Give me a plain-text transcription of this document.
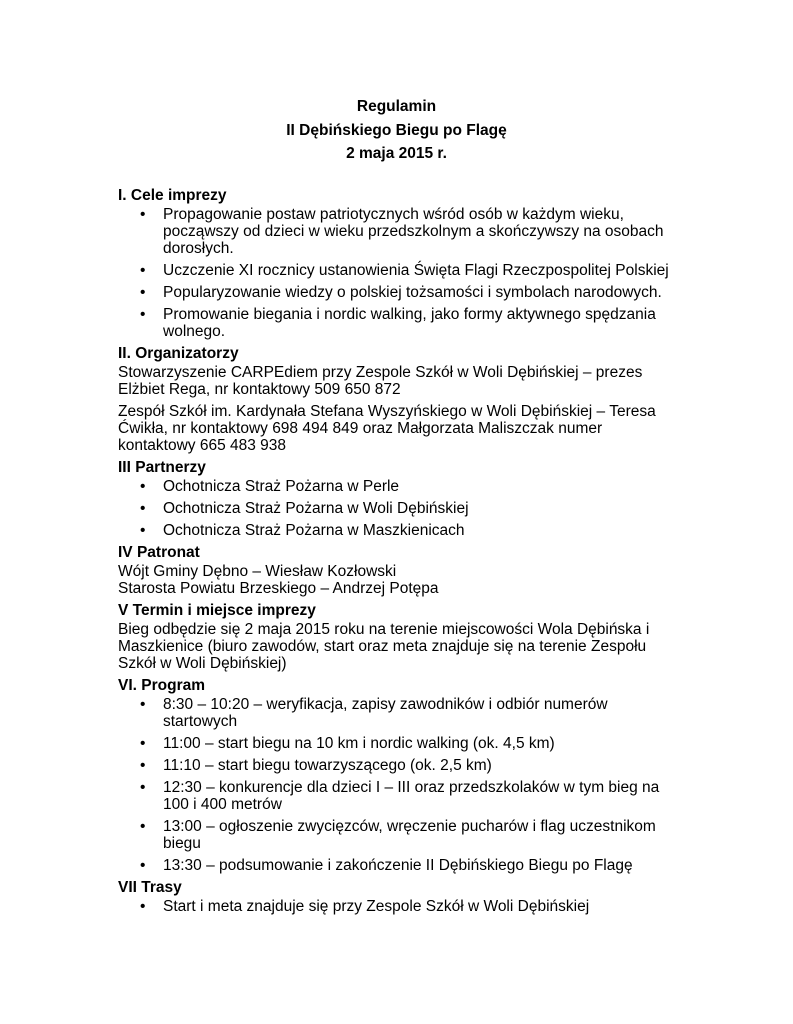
Regulamin
II Dębińskiego Biegu po Flagę
2 maja 2015 r.
I. Cele imprezy
• Propagowanie postaw patriotycznych wśród osób w każdym wieku, począwszy od dzieci w wieku przedszkolnym a skończywszy na osobach dorosłych.
• Uczczenie XI rocznicy ustanowienia Święta Flagi Rzeczpospolitej Polskiej
• Popularyzowanie wiedzy o polskiej tożsamości i symbolach narodowych.
• Promowanie biegania i nordic walking, jako formy aktywnego spędzania wolnego.
II. Organizatorzy

Stowarzyszenie CARPEdiem przy Zespole Szkół w Woli Dębińskiej – prezes Elżbiet Rega, nr kontaktowy 509 650 872

Zespół Szkół im. Kardynała Stefana Wyszyńskiego w Woli Dębińskiej – Teresa Ćwikła, nr kontaktowy 698 494 849 oraz Małgorzata Maliszczak numer kontaktowy 665 483 938

III Partnerzy
• Ochotnicza Straż Pożarna w Perle
• Ochotnicza Straż Pożarna w Woli Dębińskiej
• Ochotnicza Straż Pożarna w Maszkienicach
IV Patronat

Wójt Gminy Dębno – Wiesław Kozłowski
Starosta Powiatu Brzeskiego – Andrzej Potępa

V Termin i miejsce imprezy

Bieg odbędzie się 2 maja 2015 roku na terenie miejscowości Wola Dębińska i Maszkienice (biuro zawodów, start oraz meta znajduje się na terenie Zespołu Szkół w Woli Dębińskiej)

VI. Program
• 8:30 – 10:20 – weryfikacja, zapisy zawodników i odbiór numerów startowych
• 11:00 – start biegu na 10 km i nordic walking (ok. 4,5 km)
• 11:10 – start biegu towarzyszącego (ok. 2,5 km)
• 12:30 – konkurencje dla dzieci I – III oraz przedszkolaków w tym bieg na 100 i 400 metrów
• 13:00 – ogłoszenie zwycięzców, wręczenie pucharów i flag uczestnikom biegu
• 13:30 – podsumowanie i zakończenie II Dębińskiego Biegu po Flagę
VII Trasy
• Start i meta znajduje się przy Zespole Szkół w Woli Dębińskiej
